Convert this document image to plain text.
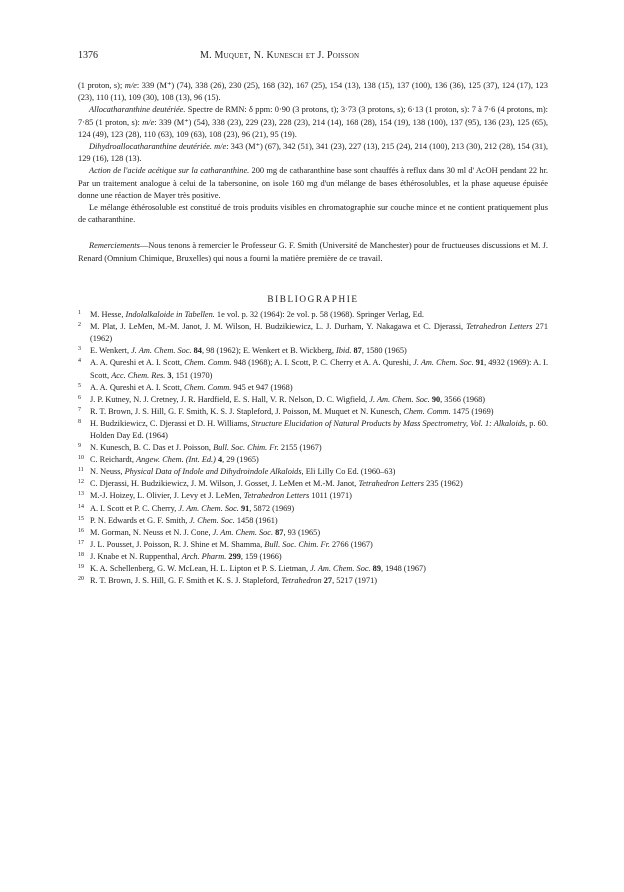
1376	M. Muquet, N. Kunesch et J. Poisson

(1 proton, s); m/e: 339 (M⁺) (74), 338 (26), 230 (25), 168 (32), 167 (25), 154 (13), 138 (15), 137 (100), 136 (36), 125 (37), 124 (17), 123 (23), 110 (11), 109 (30), 108 (13), 96 (15).

Allocatharanthine deutériée. Spectre de RMN: δ ppm: 0·90 (3 protons, t); 3·73 (3 protons, s); 6·13 (1 proton, s): 7 à 7·6 (4 protons, m): 7·85 (1 proton, s): m/e: 339 (M⁺) (54), 338 (23), 229 (23), 228 (23), 214 (14), 168 (28), 154 (19), 138 (100), 137 (95), 136 (23), 125 (65), 124 (49), 123 (28), 110 (63), 109 (63), 108 (23), 96 (21), 95 (19).

Dihydroallocatharanthine deutériée. m/e: 343 (M⁺) (67), 342 (51), 341 (23), 227 (13), 215 (24), 214 (100), 213 (30), 212 (28), 154 (31), 129 (16), 128 (13).

Action de l'acide acétique sur la catharanthine. 200 mg de catharanthine base sont chauffés à reflux dans 30 ml d' AcOH pendant 22 hr. Par un traitement analogue à celui de la tabersonine, on isole 160 mg d'un mélange de bases éthérosolubles, et la phase aqueuse épuisée donne une réaction de Mayer très positive.

Le mélange éthérosoluble est constitué de trois produits visibles en chromatographie sur couche mince et ne contient pratiquement plus de catharanthine.

Remerciements—Nous tenons à remercier le Professeur G. F. Smith (Université de Manchester) pour de fructueuses discussions et M. J. Renard (Omnium Chimique, Bruxelles) qui nous a fourni la matière première de ce travail.

BIBLIOGRAPHIE
1 M. Hesse, Indolalkaloide in Tabellen. 1e vol. p. 32 (1964): 2e vol. p. 58 (1968). Springer Verlag, Ed.
2 M. Plat, J. LeMen, M.-M. Janot, J. M. Wilson, H. Budzikiewicz, L. J. Durham, Y. Nakagawa et C. Djerassi, Tetrahedron Letters 271 (1962)
3 E. Wenkert, J. Am. Chem. Soc. 84, 98 (1962); E. Wenkert et B. Wickberg, Ibid. 87, 1580 (1965)
4 A. A. Qureshi et A. I. Scott, Chem. Comm. 948 (1968); A. I. Scott, P. C. Cherry et A. A. Qureshi, J. Am. Chem. Soc. 91, 4932 (1969): A. I. Scott, Acc. Chem. Res. 3, 151 (1970)
5 A. A. Qureshi et A. I. Scott, Chem. Comm. 945 et 947 (1968)
6 J. P. Kutney, N. J. Cretney, J. R. Hardfield, E. S. Hall, V. R. Nelson, D. C. Wigfield, J. Am. Chem. Soc. 90, 3566 (1968)
7 R. T. Brown, J. S. Hill, G. F. Smith, K. S. J. Stapleford, J. Poisson, M. Muquet et N. Kunesch, Chem. Comm. 1475 (1969)
8 H. Budzikiewicz, C. Djerassi et D. H. Williams, Structure Elucidation of Natural Products by Mass Spectrometry, Vol. 1: Alkaloids, p. 60. Holden Day Ed. (1964)
9 N. Kunesch, B. C. Das et J. Poisson, Bull. Soc. Chim. Fr. 2155 (1967)
10 C. Reichardt, Angew. Chem. (Int. Ed.) 4, 29 (1965)
11 N. Neuss, Physical Data of Indole and Dihydroindole Alkaloids, Eli Lilly Co Ed. (1960–63)
12 C. Djerassi, H. Budzikiewicz, J. M. Wilson, J. Gosset, J. LeMen et M.-M. Janot, Tetrahedron Letters 235 (1962)
13 M.-J. Hoizey, L. Olivier, J. Levy et J. LeMen, Tetrahedron Letters 1011 (1971)
14 A. I. Scott et P. C. Cherry, J. Am. Chem. Soc. 91, 5872 (1969)
15 P. N. Edwards et G. F. Smith, J. Chem. Soc. 1458 (1961)
16 M. Gorman, N. Neuss et N. J. Cone, J. Am. Chem. Soc. 87, 93 (1965)
17 J. L. Pousset, J. Poisson, R. J. Shine et M. Shamma, Bull. Soc. Chim. Fr. 2766 (1967)
18 J. Knabe et N. Ruppenthal, Arch. Pharm. 299, 159 (1966)
19 K. A. Schellenberg, G. W. McLean, H. L. Lipton et P. S. Lietman, J. Am. Chem. Soc. 89, 1948 (1967)
20 R. T. Brown, J. S. Hill, G. F. Smith et K. S. J. Stapleford, Tetrahedron 27, 5217 (1971)
